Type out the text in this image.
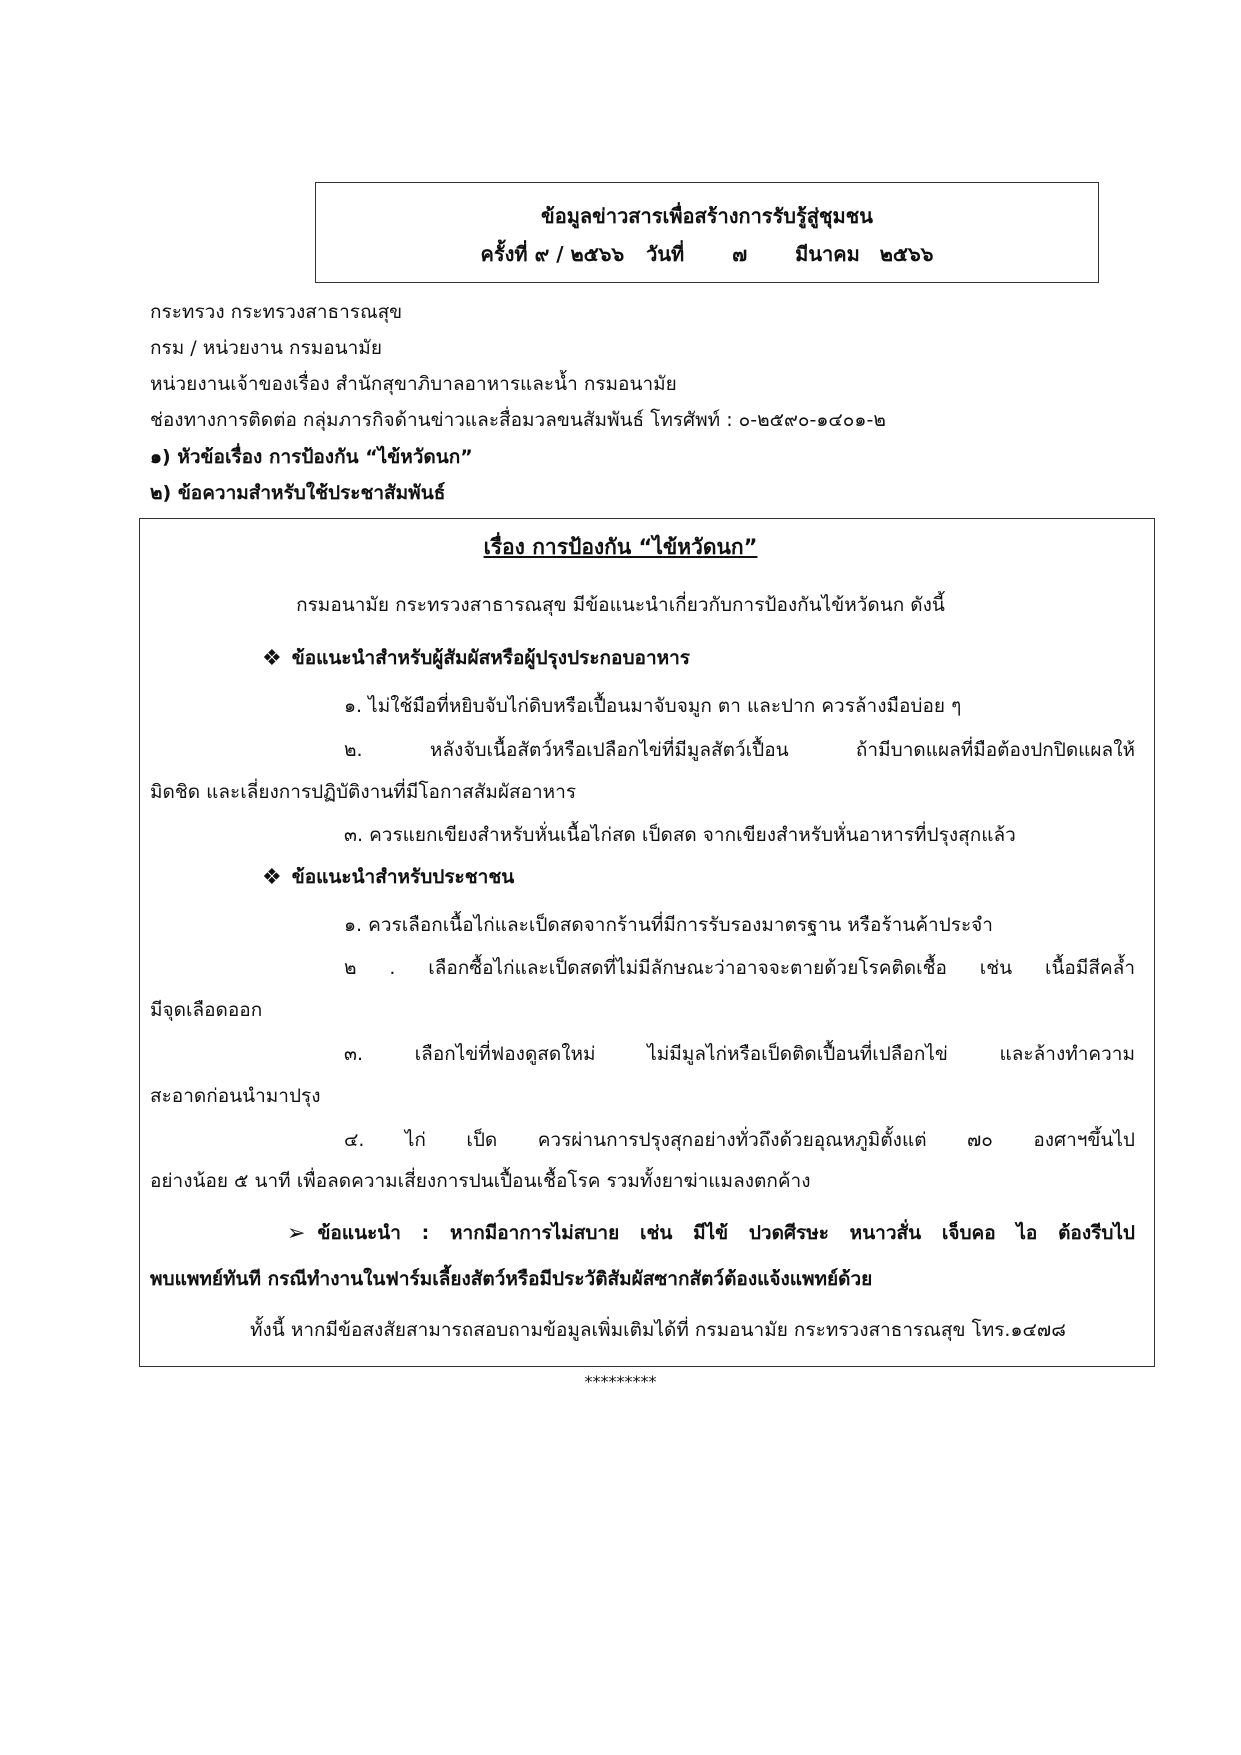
ข้อมูลข่าวสารเพื่อสร้างการรับรู้สู่ชุมชน
ครั้งที่ ๙ / ๒๕๖๖ วันที่ ๗ มีนาคม ๒๕๖๖
กระทรวง กระทรวงสาธารณสุข
กรม / หน่วยงาน กรมอนามัย
หน่วยงานเจ้าของเรื่อง สำนักสุขาภิบาลอาหารและน้ำ กรมอนามัย
ช่องทางการติดต่อ กลุ่มภารกิจด้านข่าวและสื่อมวลขนสัมพันธ์ โทรศัพท์ : ๐-๒๕๙๐-๑๔๐๑-๒
๑) หัวข้อเรื่อง การป้องกัน “ไข้หวัดนก”
๒) ข้อความสำหรับใช้ประชาสัมพันธ์
เรื่อง การป้องกัน “ไข้หวัดนก”
กรมอนามัย กระทรวงสาธารณสุข มีข้อแนะนำเกี่ยวกับการป้องกันไข้หวัดนก ดังนี้
❖ ข้อแนะนำสำหรับผู้สัมผัสหรือผู้ปรุงประกอบอาหาร
๑. ไม่ใช้มือที่หยิบจับไก่ดิบหรือเปื้อนมาจับจมูก ตา และปาก ควรล้างมือบ่อย ๆ
๒. หลังจับเนื้อสัตว์หรือเปลือกไข่ที่มีมูลสัตว์เปื้อน ถ้ามีบาดแผลที่มือต้องปกปิดแผลให้
มิดชิด และเลี่ยงการปฏิบัติงานที่มีโอกาสสัมผัสอาหาร
๓. ควรแยกเขียงสำหรับหั่นเนื้อไก่สด เป็ดสด จากเขียงสำหรับหั่นอาหารที่ปรุงสุกแล้ว
❖ ข้อแนะนำสำหรับประชาชน
๑. ควรเลือกเนื้อไก่และเป็ดสดจากร้านที่มีการรับรองมาตรฐาน หรือร้านค้าประจำ
๒ . เลือกซื้อไก่และเป็ดสดที่ไม่มีลักษณะว่าอาจจะตายด้วยโรคติดเชื้อ เช่น เนื้อมีสีคล้ำ
มีจุดเลือดออก
๓. เลือกไข่ที่ฟองดูสดใหม่ ไม่มีมูลไก่หรือเป็ดติดเปื้อนที่เปลือกไข่ และล้างทำความ
สะอาดก่อนนำมาปรุง
๔. ไก่ เป็ด ควรผ่านการปรุงสุกอย่างทั่วถึงด้วยอุณหภูมิตั้งแต่ ๗๐ องศาฯขึ้นไป
อย่างน้อย ๕ นาที เพื่อลดความเสี่ยงการปนเปื้อนเชื้อโรค รวมทั้งยาฆ่าแมลงตกค้าง
➢ ข้อแนะนำ : หากมีอาการไม่สบาย เช่น มีไข้ ปวดศีรษะ หนาวสั่น เจ็บคอ ไอ ต้องรีบไป
พบแพทย์ทันที กรณีทำงานในฟาร์มเลี้ยงสัตว์หรือมีประวัติสัมผัสซากสัตว์ต้องแจ้งแพทย์ด้วย
ทั้งนี้ หากมีข้อสงสัยสามารถสอบถามข้อมูลเพิ่มเติมได้ที่ กรมอนามัย กระทรวงสาธารณสุข โทร.๑๔๗๘
*********
